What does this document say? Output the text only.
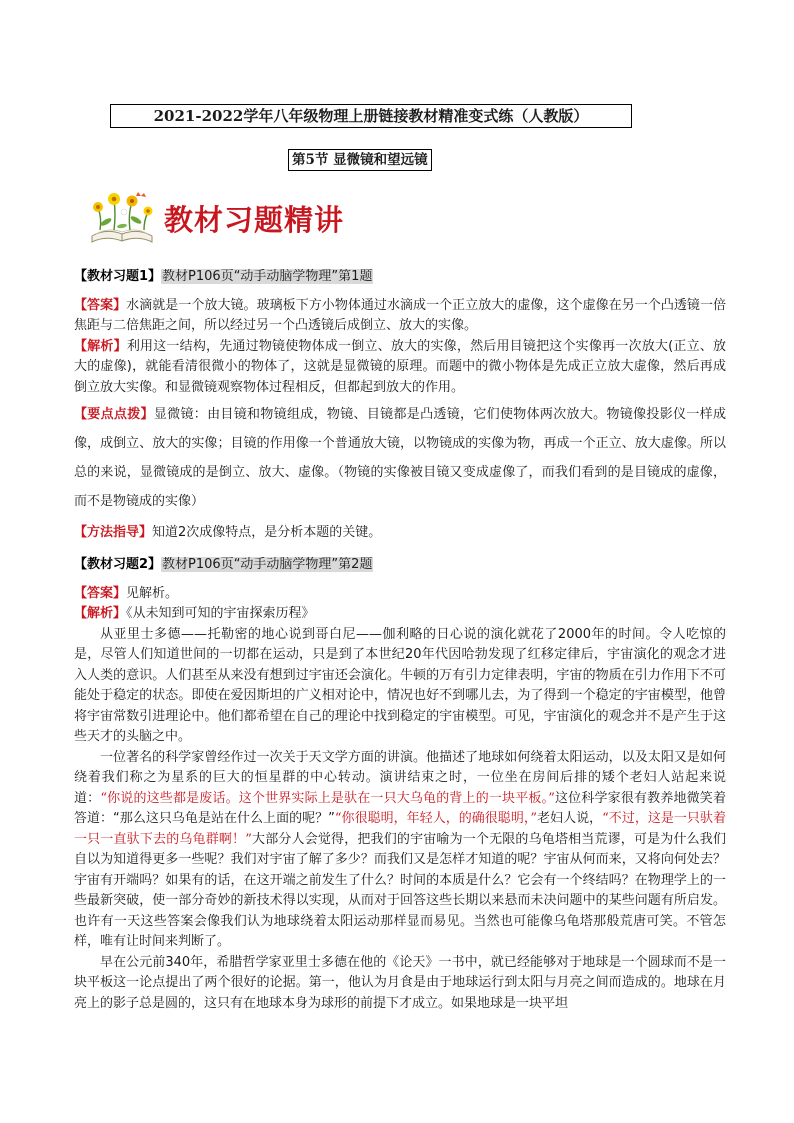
2021-2022学年八年级物理上册链接教材精准变式练（人教版）
第5节 显微镜和望远镜
教材习题精讲

【教材习题1】教材P106页“动手动脑学物理”第1题

【答案】水滴就是一个放大镜。玻璃板下方小物体通过水滴成一个正立放大的虚像，这个虚像在另一个凸透镜一倍焦距与二倍焦距之间，所以经过另一个凸透镜后成倒立、放大的实像。

【解析】利用这一结构，先通过物镜使物体成一倒立、放大的实像，然后用目镜把这个实像再一次放大(正立、放大的虚像)，就能看清很微小的物体了，这就是显微镜的原理。而题中的微小物体是先成正立放大虚像，然后再成倒立放大实像。和显微镜观察物体过程相反，但都起到放大的作用。

【要点点拨】显微镜：由目镜和物镜组成，物镜、目镜都是凸透镜，它们使物体两次放大。物镜像投影仪一样成像，成倒立、放大的实像；目镜的作用像一个普通放大镜，以物镜成的实像为物，再成一个正立、放大虚像。所以总的来说，显微镜成的是倒立、放大、虚像。（物镜的实像被目镜又变成虚像了，而我们看到的是目镜成的虚像，而不是物镜成的实像）

【方法指导】知道2次成像特点，是分析本题的关键。

【教材习题2】教材P106页“动手动脑学物理”第2题

【答案】见解析。

【解析】《从未知到可知的宇宙探索历程》

从亚里士多德——托勒密的地心说到哥白尼——伽利略的日心说的演化就花了2000年的时间。令人吃惊的是，尽管人们知道世间的一切都在运动，只是到了本世纪20年代因哈勃发现了红移定律后，宇宙演化的观念才进入人类的意识。人们甚至从来没有想到过宇宙还会演化。牛顿的万有引力定律表明，宇宙的物质在引力作用下不可能处于稳定的状态。即使在爱因斯坦的广义相对论中，情况也好不到哪儿去，为了得到一个稳定的宇宙模型，他曾将宇宙常数引进理论中。他们都希望在自己的理论中找到稳定的宇宙模型。可见，宇宙演化的观念并不是产生于这些天才的头脑之中。

一位著名的科学家曾经作过一次关于天文学方面的讲演。他描述了地球如何绕着太阳运动，以及太阳又是如何绕着我们称之为星系的巨大的恒星群的中心转动。演讲结束之时，一位坐在房间后排的矮个老妇人站起来说道：“你说的这些都是废话。这个世界实际上是驮在一只大乌龟的背上的一块平板。”这位科学家很有教养地微笑着答道：“那么这只乌龟是站在什么上面的呢？”“你很聪明，年轻人，的确很聪明，”老妇人说，“不过，这是一只驮着一只一直驮下去的乌龟群啊！”大部分人会觉得，把我们的宇宙喻为一个无限的乌龟塔相当荒谬，可是为什么我们自以为知道得更多一些呢？我们对宇宙了解了多少？而我们又是怎样才知道的呢？宇宙从何而来，又将向何处去？宇宙有开端吗？如果有的话，在这开端之前发生了什么？时间的本质是什么？它会有一个终结吗？在物理学上的一些最新突破，使一部分奇妙的新技术得以实现，从而对于回答这些长期以来悬而未决问题中的某些问题有所启发。也许有一天这些答案会像我们认为地球绕着太阳运动那样显而易见。当然也可能像乌龟塔那般荒唐可笑。不管怎样，唯有让时间来判断了。

早在公元前340年，希腊哲学家亚里士多德在他的《论天》一书中，就已经能够对于地球是一个圆球而不是一块平板这一论点提出了两个很好的论据。第一，他认为月食是由于地球运行到太阳与月亮之间而造成的。地球在月亮上的影子总是圆的，这只有在地球本身为球形的前提下才成立。如果地球是一块平坦
